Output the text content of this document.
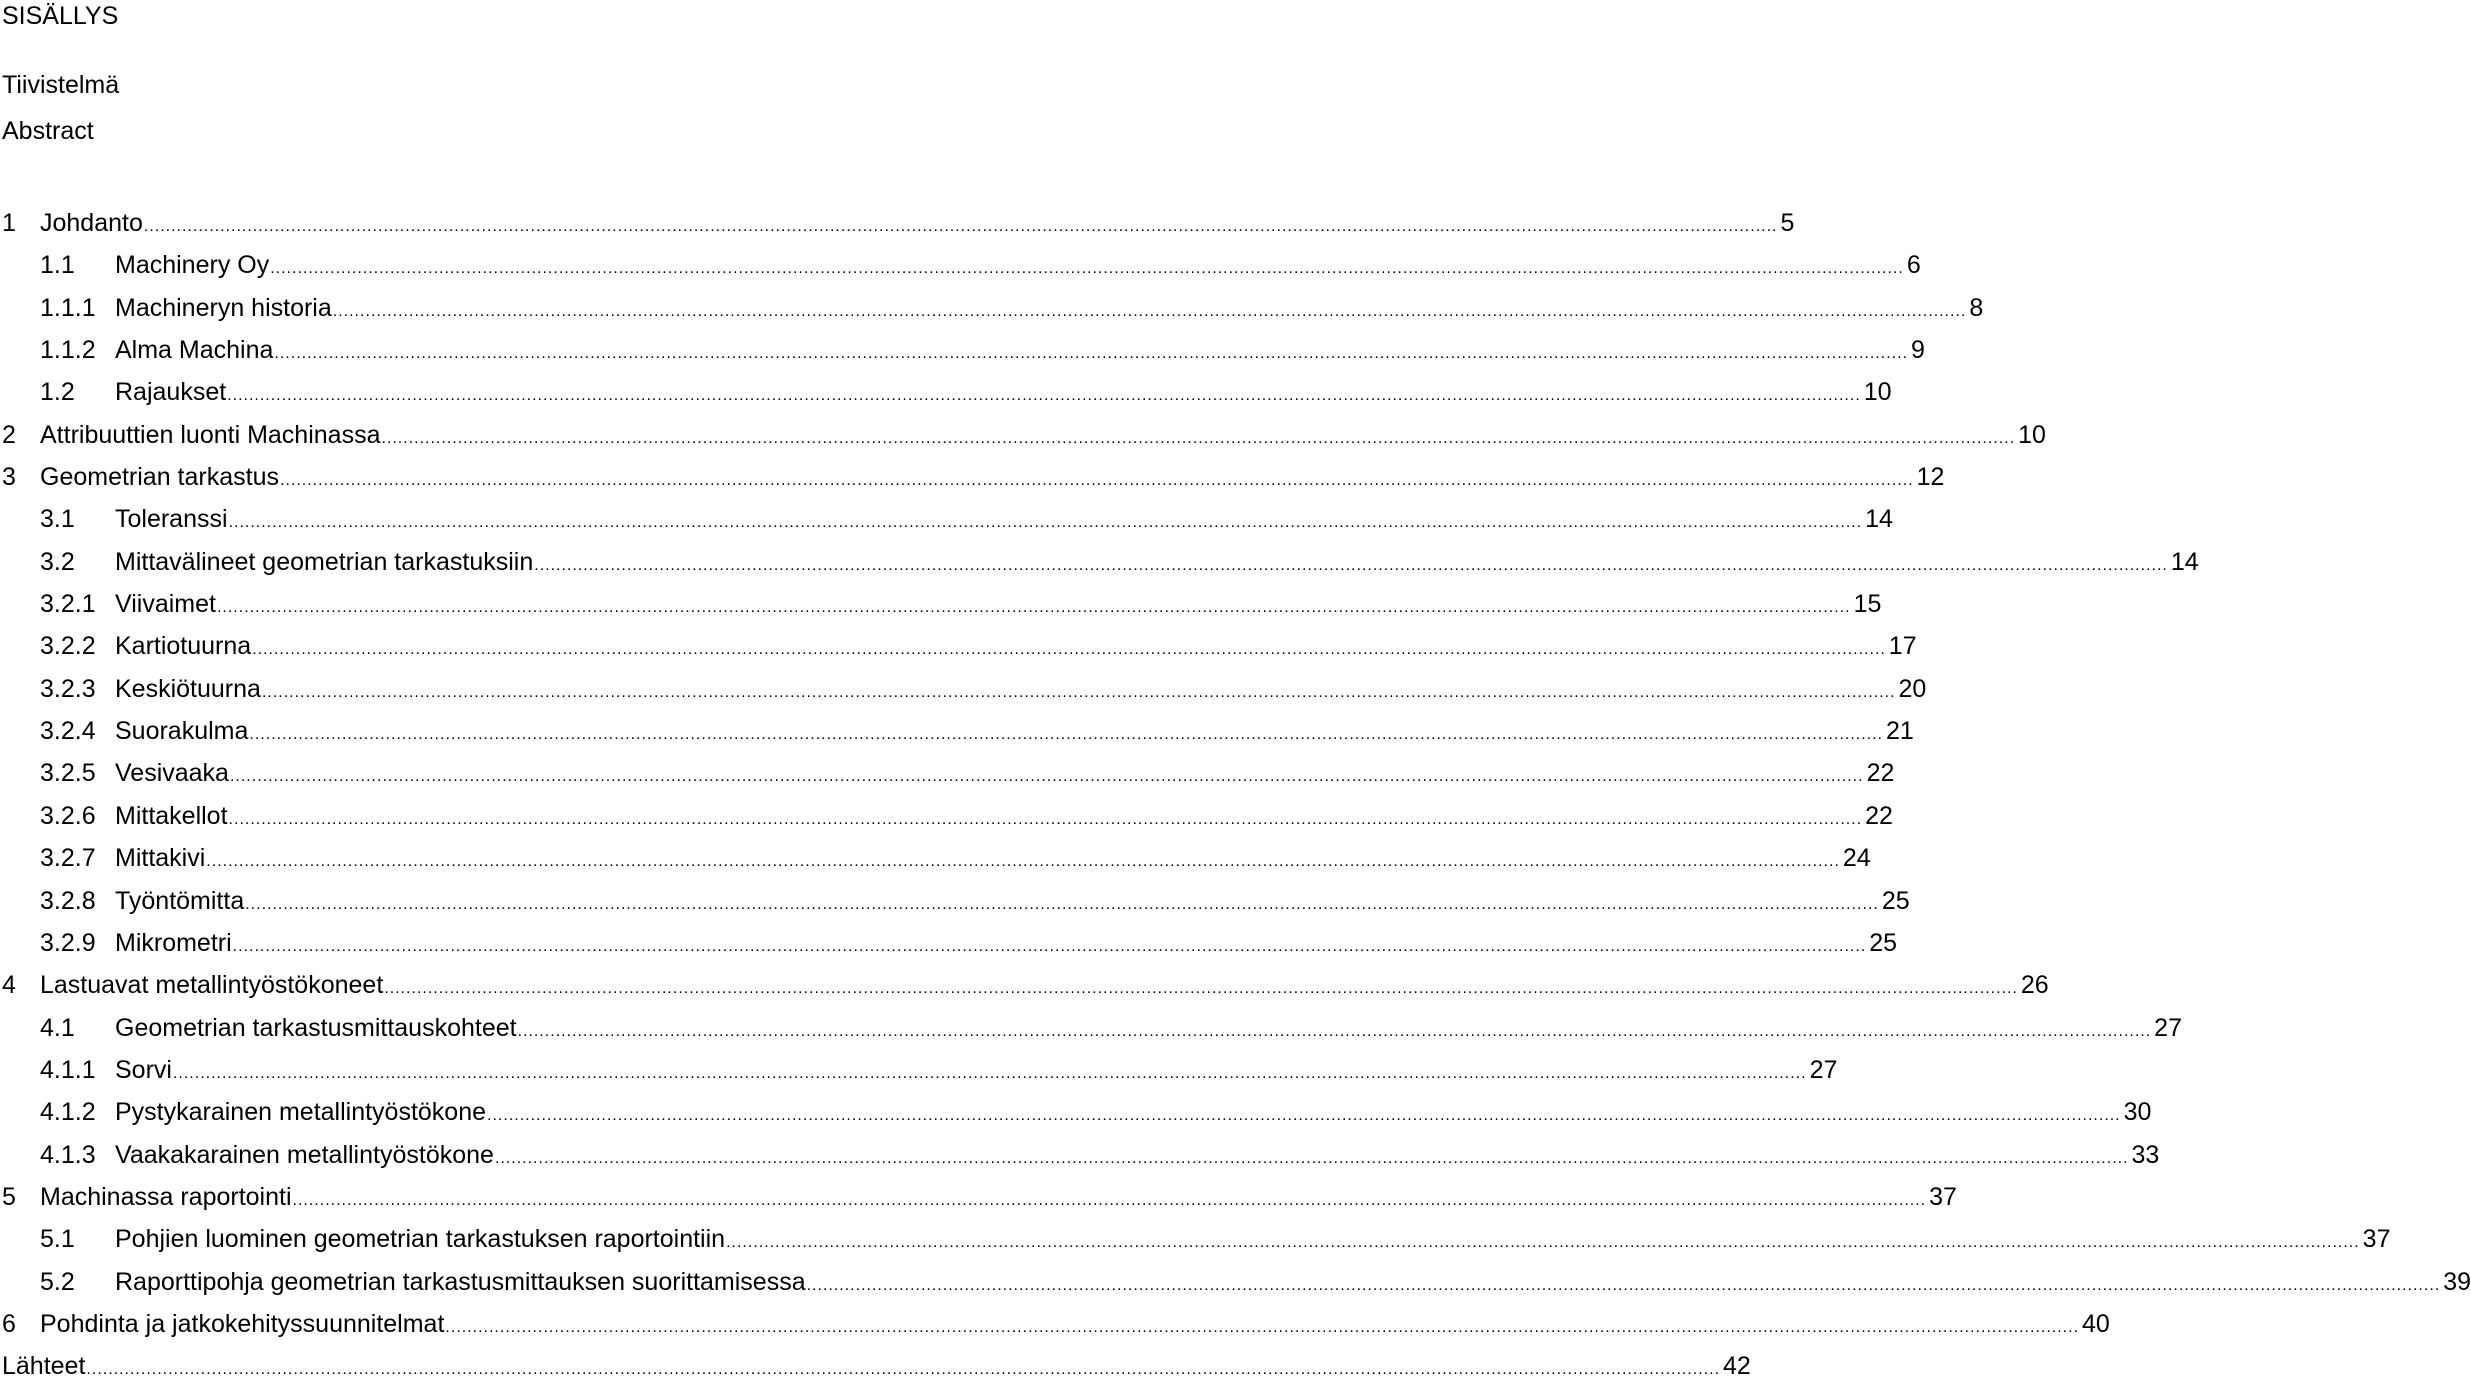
SISÄLLYS
Tiivistelmä
Abstract
1 Johdanto ............................................................................................................................................................................................................................................................................................................ 5
1.1 Machinery Oy ............................................................................................................................................................................................................................................................................................................ 6
1.1.1 Machineryn historia ............................................................................................................................................................................................................................................................................................................ 8
1.1.2 Alma Machina ............................................................................................................................................................................................................................................................................................................ 9
1.2 Rajaukset ............................................................................................................................................................................................................................................................................................................ 10
2 Attribuuttien luonti Machinassa ............................................................................................................................................................................................................................................................................................................ 10
3 Geometrian tarkastus ............................................................................................................................................................................................................................................................................................................ 12
3.1 Toleranssi ............................................................................................................................................................................................................................................................................................................ 14
3.2 Mittavälineet geometrian tarkastuksiin ............................................................................................................................................................................................................................................................................................................ 14
3.2.1 Viivaimet ............................................................................................................................................................................................................................................................................................................ 15
3.2.2 Kartiotuurna ............................................................................................................................................................................................................................................................................................................ 17
3.2.3 Keskiötuurna ............................................................................................................................................................................................................................................................................................................ 20
3.2.4 Suorakulma ............................................................................................................................................................................................................................................................................................................ 21
3.2.5 Vesivaaka ............................................................................................................................................................................................................................................................................................................ 22
3.2.6 Mittakellot ............................................................................................................................................................................................................................................................................................................ 22
3.2.7 Mittakivi ............................................................................................................................................................................................................................................................................................................ 24
3.2.8 Työntömitta ............................................................................................................................................................................................................................................................................................................ 25
3.2.9 Mikrometri ............................................................................................................................................................................................................................................................................................................ 25
4 Lastuavat metallintyöstökoneet ............................................................................................................................................................................................................................................................................................................ 26
4.1 Geometrian tarkastusmittauskohteet ............................................................................................................................................................................................................................................................................................................ 27
4.1.1 Sorvi ............................................................................................................................................................................................................................................................................................................ 27
4.1.2 Pystykarainen metallintyöstökone ............................................................................................................................................................................................................................................................................................................ 30
4.1.3 Vaakakarainen metallintyöstökone ............................................................................................................................................................................................................................................................................................................ 33
5 Machinassa raportointi ............................................................................................................................................................................................................................................................................................................ 37
5.1 Pohjien luominen geometrian tarkastuksen raportointiin ............................................................................................................................................................................................................................................................................................................ 37
5.2 Raporttipohja geometrian tarkastusmittauksen suorittamisessa ............................................................................................................................................................................................................................................................................................................ 39
6 Pohdinta ja jatkokehityssuunnitelmat ............................................................................................................................................................................................................................................................................................................ 40
Lähteet ............................................................................................................................................................................................................................................................................................................ 42
